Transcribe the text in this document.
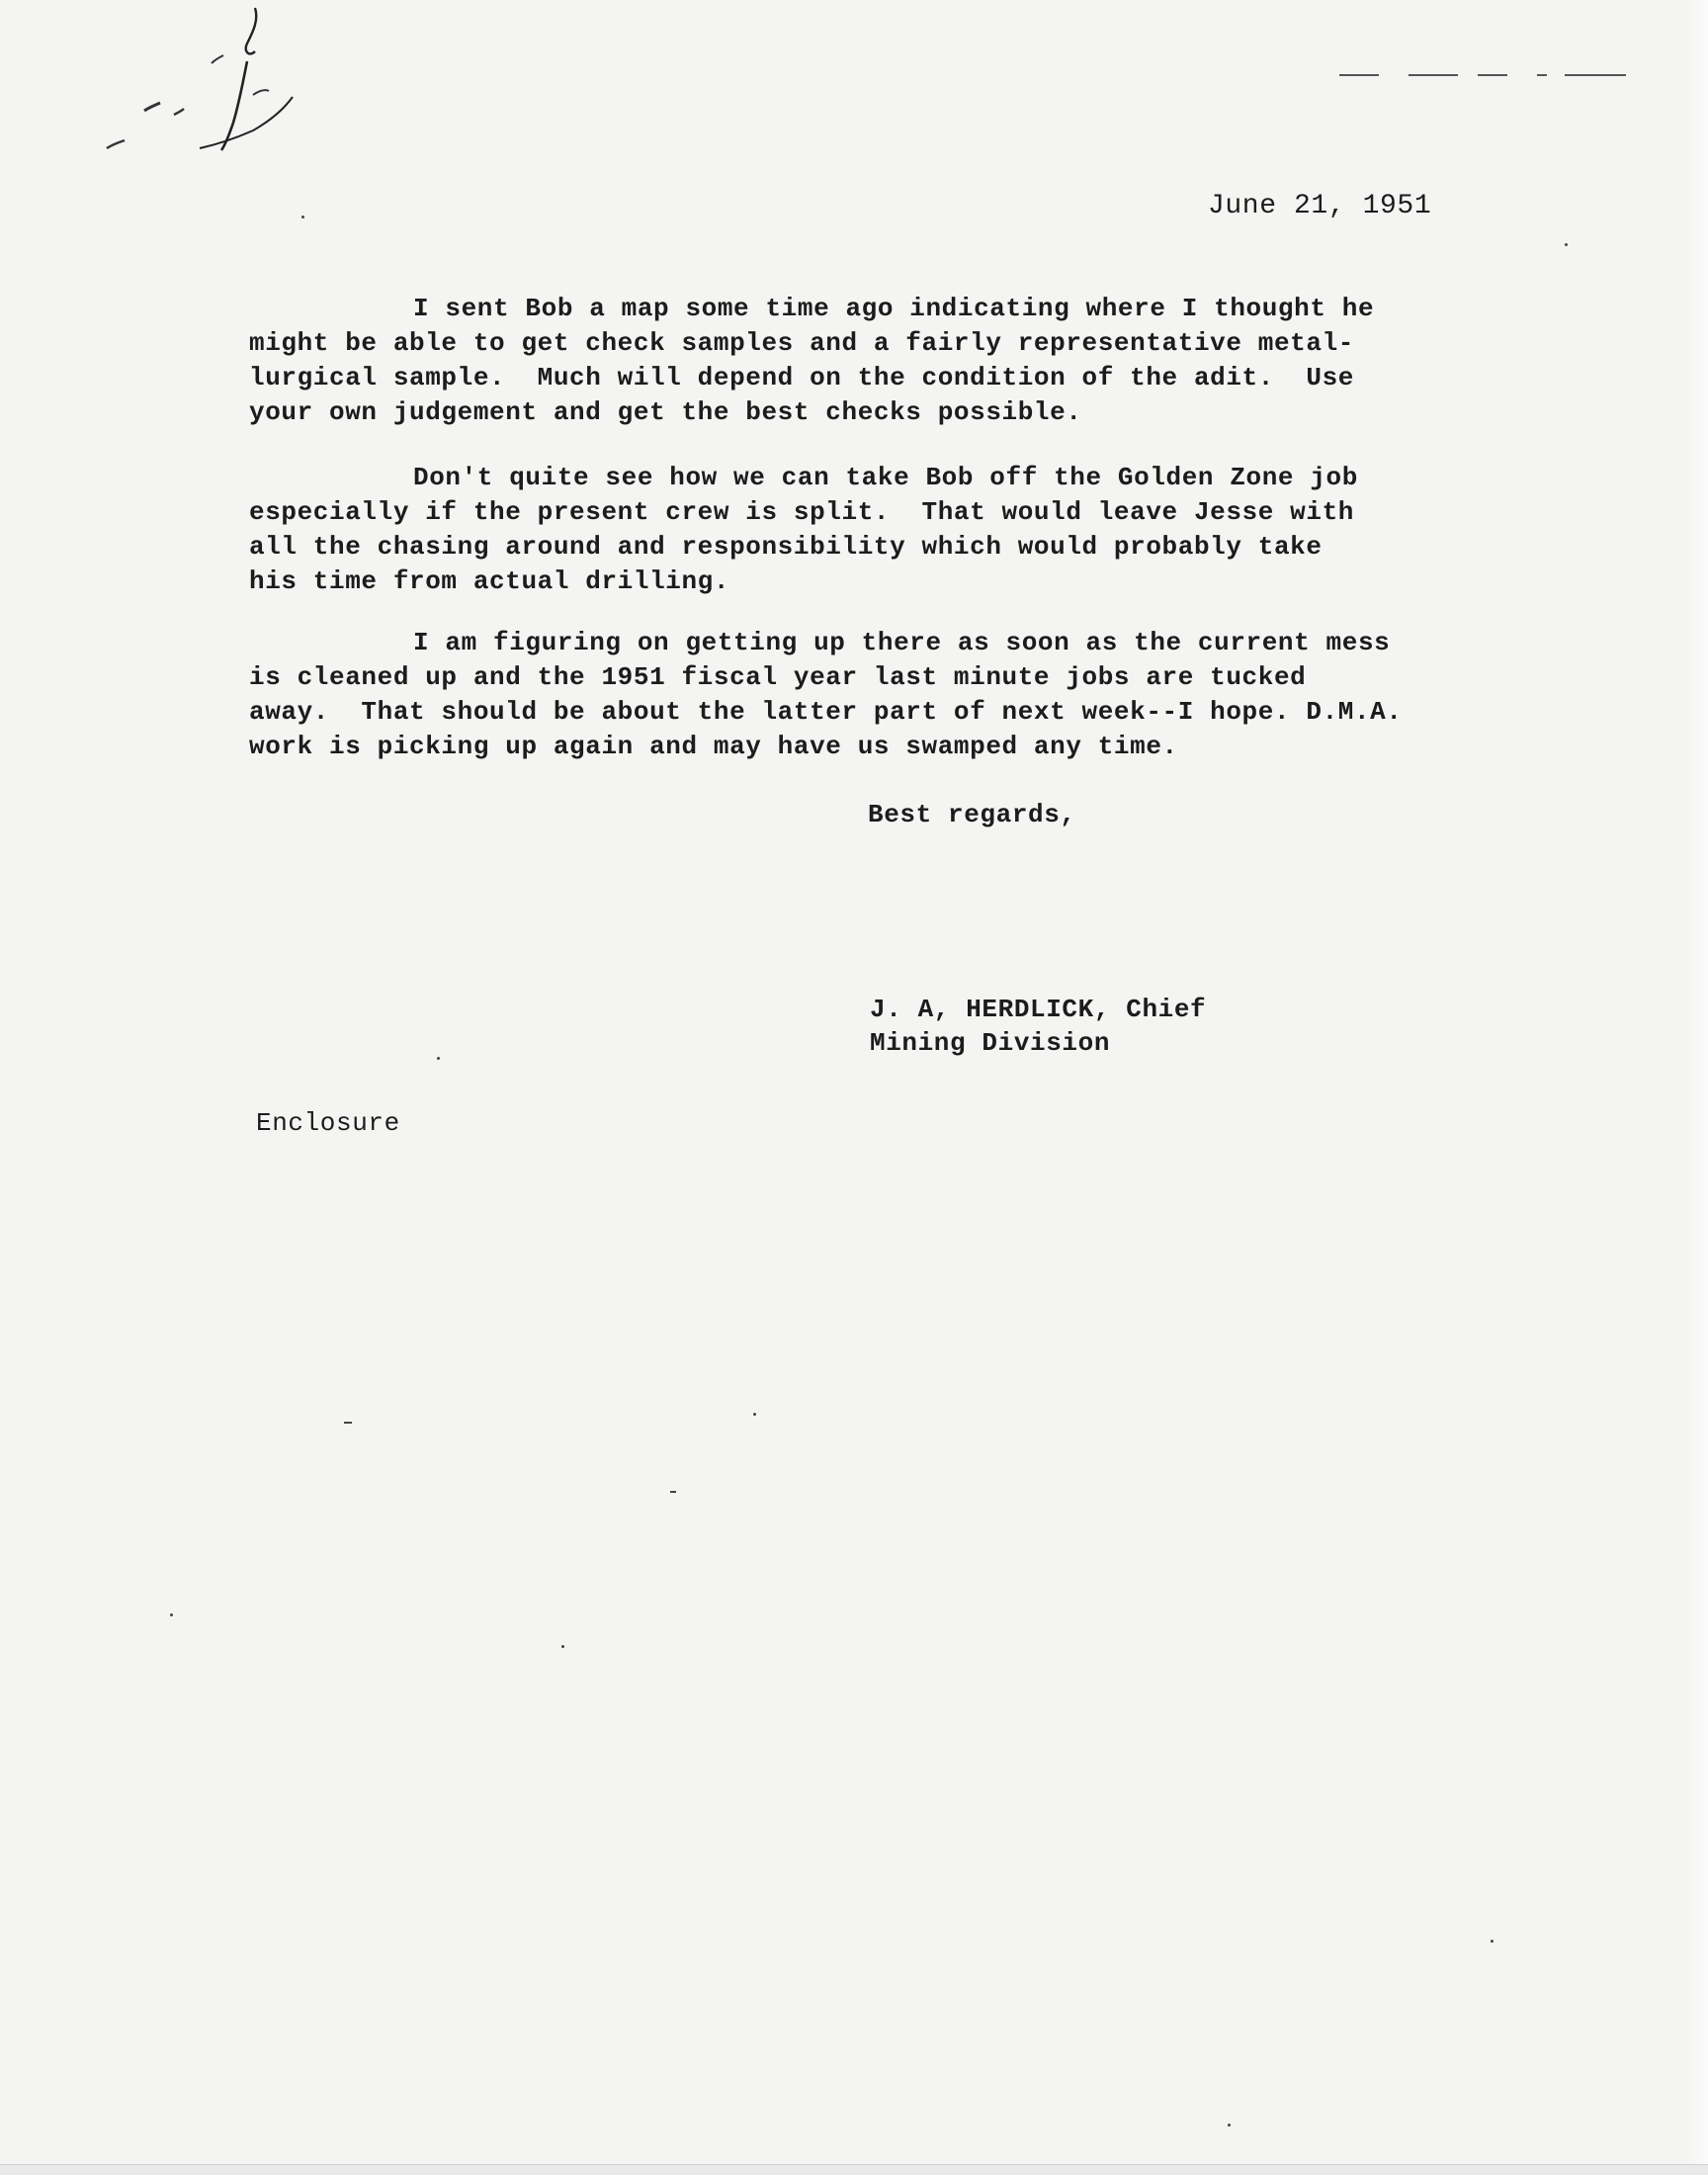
June 21, 1951
I sent Bob a map some time ago indicating where I thought he
might be able to get check samples and a fairly representative metal-
lurgical sample.  Much will depend on the condition of the adit.  Use
your own judgement and get the best checks possible.
Don't quite see how we can take Bob off the Golden Zone job
especially if the present crew is split.  That would leave Jesse with
all the chasing around and responsibility which would probably take
his time from actual drilling.
I am figuring on getting up there as soon as the current mess
is cleaned up and the 1951 fiscal year last minute jobs are tucked
away.  That should be about the latter part of next week--I hope. D.M.A.
work is picking up again and may have us swamped any time.
Best regards,
J. A, HERDLICK, Chief
Mining Division
Enclosure
